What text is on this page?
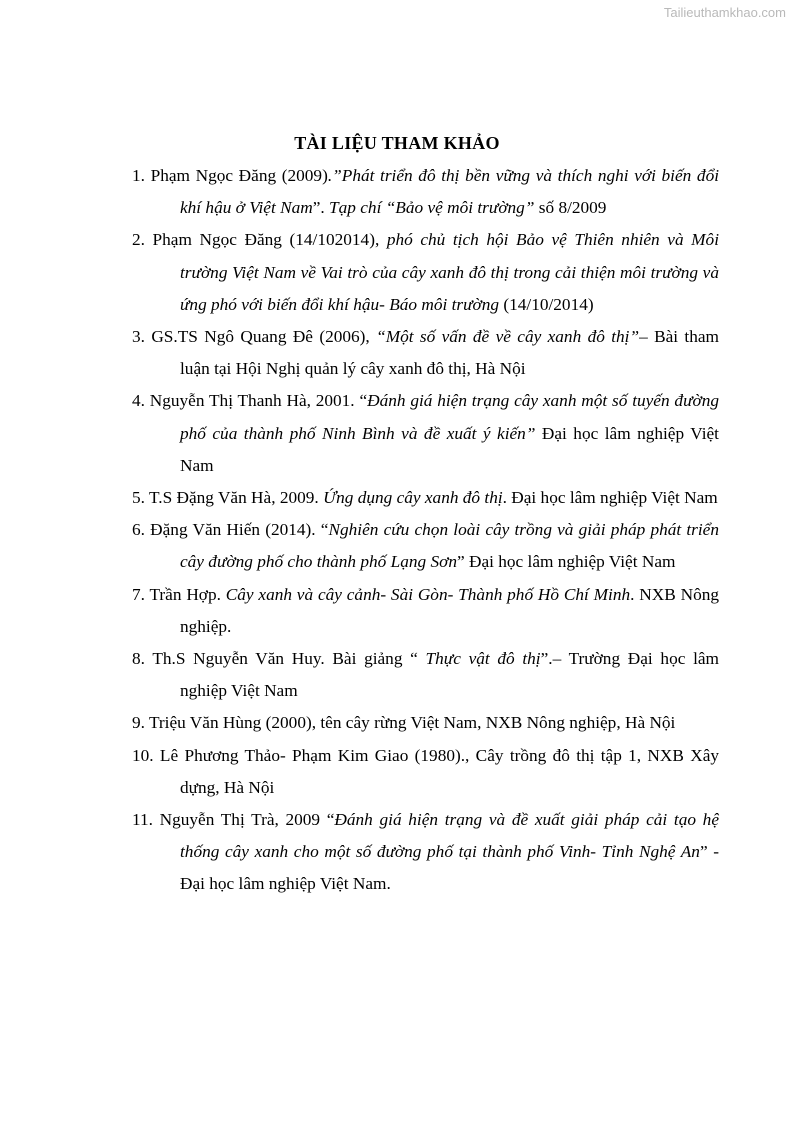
Tailieuthamkhao.com
TÀI LIỆU THAM KHẢO
1. Phạm Ngọc Đăng (2009).”Phát triển đô thị bền vững và thích nghi với biến đổi khí hậu ở Việt Nam”. Tạp chí “Bảo vệ môi trường” số 8/2009
2. Phạm Ngọc Đăng (14/102014), phó chủ tịch hội Bảo vệ Thiên nhiên và Môi trường Việt Nam về Vai trò của cây xanh đô thị trong cải thiện môi trường và ứng phó với biến đổi khí hậu- Báo môi trường (14/10/2014)
3. GS.TS Ngô Quang Đê (2006), “Một số vấn đề về cây xanh đô thị”– Bài tham luận tại Hội Nghị quản lý cây xanh đô thị, Hà Nội
4. Nguyễn Thị Thanh Hà, 2001. “Đánh giá hiện trạng cây xanh một số tuyến đường phố của thành phố Ninh Bình và đề xuất ý kiến” Đại học lâm nghiệp Việt Nam
5. T.S Đặng Văn Hà, 2009. Ứng dụng cây xanh đô thị. Đại học lâm nghiệp Việt Nam
6. Đặng Văn Hiến (2014). “Nghiên cứu chọn loài cây trồng và giải pháp phát triển cây đường phố cho thành phố Lạng Sơn” Đại học lâm nghiệp Việt Nam
7. Trần Hợp. Cây xanh và cây cảnh- Sài Gòn- Thành phố Hồ Chí Minh. NXB Nông nghiệp.
8. Th.S Nguyễn Văn Huy. Bài giảng “ Thực vật đô thị”.– Trường Đại học lâm nghiệp Việt Nam
9. Triệu Văn Hùng (2000), tên cây rừng Việt Nam, NXB Nông nghiệp, Hà Nội
10. Lê Phương Thảo- Phạm Kim Giao (1980)., Cây trồng đô thị tập 1, NXB Xây dựng, Hà Nội
11. Nguyễn Thị Trà, 2009 “Đánh giá hiện trạng và đề xuất giải pháp cải tạo hệ thống cây xanh cho một số đường phố tại thành phố Vinh- Tỉnh Nghệ An” - Đại học lâm nghiệp Việt Nam.
